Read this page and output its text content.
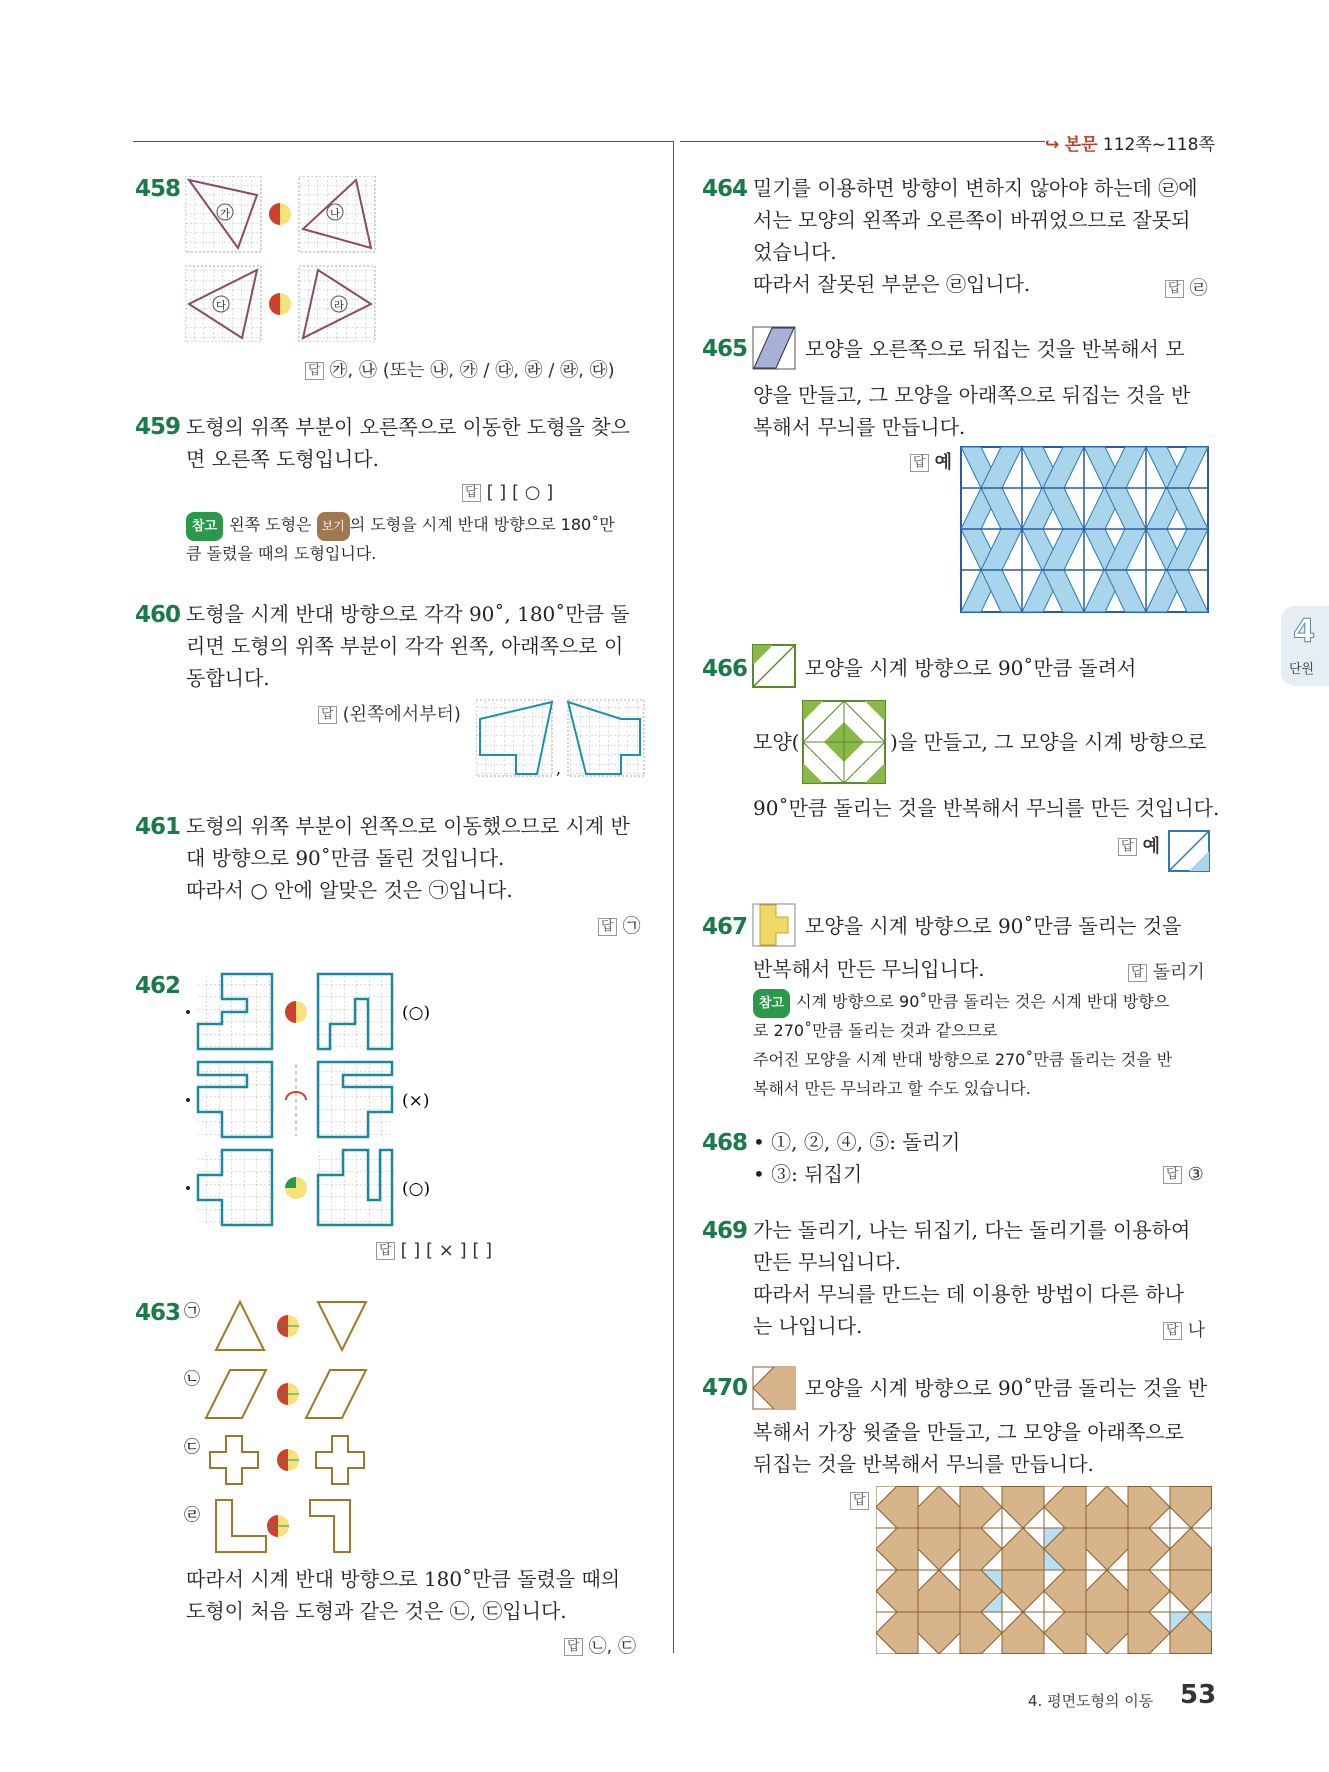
↪ 본문 112쪽~118쪽
4
단원
458
가	나
다	라
답 ㉮, ㉯ (또는 ㉯, ㉮ / ㉰, ㉱ / ㉱, ㉰)
459 도형의 위쪽 부분이 오른쪽으로 이동한 도형을 찾으
면 오른쪽 도형입니다.
답 [ ] [ ○ ]
참고 왼쪽 도형은 보기 의 도형을 시계 반대 방향으로 180˚만
큼 돌렸을 때의 도형입니다.
460 도형을 시계 반대 방향으로 각각 90˚, 180˚만큼 돌
리면 도형의 위쪽 부분이 각각 왼쪽, 아래쪽으로 이
동합니다.
답 (왼쪽에서부터)
,
461 도형의 위쪽 부분이 왼쪽으로 이동했으므로 시계 반
대 방향으로 90˚만큼 돌린 것입니다.
따라서 ○ 안에 알맞은 것은 ㉠입니다.
답 ㉠
462
(○)
(×)
(○)
답 [ ] [ × ] [ ]
463 ㉠
㉡
㉢
㉣
따라서 시계 반대 방향으로 180˚만큼 돌렸을 때의
도형이 처음 도형과 같은 것은 ㉡, ㉢입니다.
답 ㉡, ㉢
464 밀기를 이용하면 방향이 변하지 않아야 하는데 ㉣에
서는 모양의 왼쪽과 오른쪽이 바뀌었으므로 잘못되
었습니다.
따라서 잘못된 부분은 ㉣입니다.	답 ㉣
465	모양을 오른쪽으로 뒤집는 것을 반복해서 모
양을 만들고, 그 모양을 아래쪽으로 뒤집는 것을 반
복해서 무늬를 만듭니다.
답 예
466	모양을 시계 방향으로 90˚만큼 돌려서
모양(	)을 만들고, 그 모양을 시계 방향으로
90˚만큼 돌리는 것을 반복해서 무늬를 만든 것입니다.
답 예
467	모양을 시계 방향으로 90˚만큼 돌리는 것을
반복해서 만든 무늬입니다.	답 돌리기
참고 시계 방향으로 90˚만큼 돌리는 것은 시계 반대 방향으
로 270˚만큼 돌리는 것과 같으므로
주어진 모양을 시계 반대 방향으로 270˚만큼 돌리는 것을 반
복해서 만든 무늬라고 할 수도 있습니다.
468 • ①, ②, ④, ⑤: 돌리기
• ③: 뒤집기	답 ③
469 가는 돌리기, 나는 뒤집기, 다는 돌리기를 이용하여
만든 무늬입니다.
따라서 무늬를 만드는 데 이용한 방법이 다른 하나
는 나입니다.	답 나
470	모양을 시계 방향으로 90˚만큼 돌리는 것을 반
복해서 가장 윗줄을 만들고, 그 모양을 아래쪽으로
뒤집는 것을 반복해서 무늬를 만듭니다.
답
4. 평면도형의 이동 53
